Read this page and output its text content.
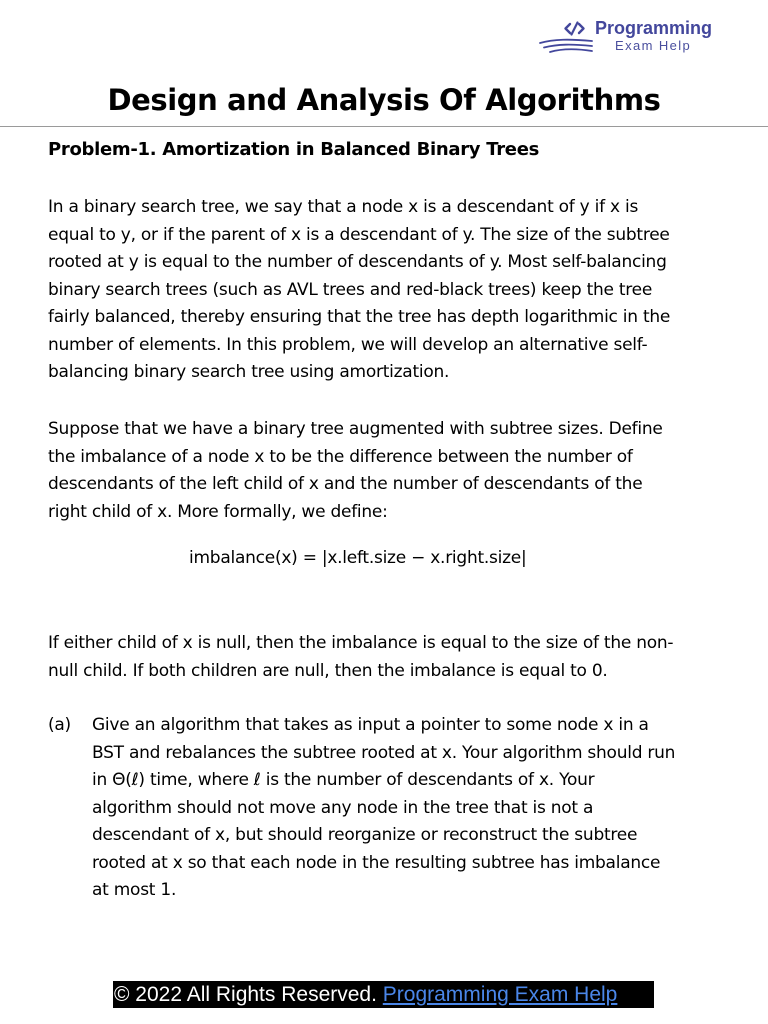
Programming
Exam Help
Design and Analysis Of Algorithms
Problem-1. Amortization in Balanced Binary Trees
In a binary search tree, we say that a node x is a descendant of y if x is
equal to y, or if the parent of x is a descendant of y. The size of the subtree
rooted at y is equal to the number of descendants of y. Most self-balancing
binary search trees (such as AVL trees and red-black trees) keep the tree
fairly balanced, thereby ensuring that the tree has depth logarithmic in the
number of elements. In this problem, we will develop an alternative self-
balancing binary search tree using amortization.
Suppose that we have a binary tree augmented with subtree sizes. Define
the imbalance of a node x to be the difference between the number of
descendants of the left child of x and the number of descendants of the
right child of x. More formally, we define:
imbalance(x) = |x.left.size − x.right.size|
If either child of x is null, then the imbalance is equal to the size of the non-
null child. If both children are null, then the imbalance is equal to 0.
(a) Give an algorithm that takes as input a pointer to some node x in a
BST and rebalances the subtree rooted at x. Your algorithm should run
in Θ(ℓ) time, where ℓ is the number of descendants of x. Your
algorithm should not move any node in the tree that is not a
descendant of x, but should reorganize or reconstruct the subtree
rooted at x so that each node in the resulting subtree has imbalance
at most 1.
© 2022 All Rights Reserved. Programming Exam Help
